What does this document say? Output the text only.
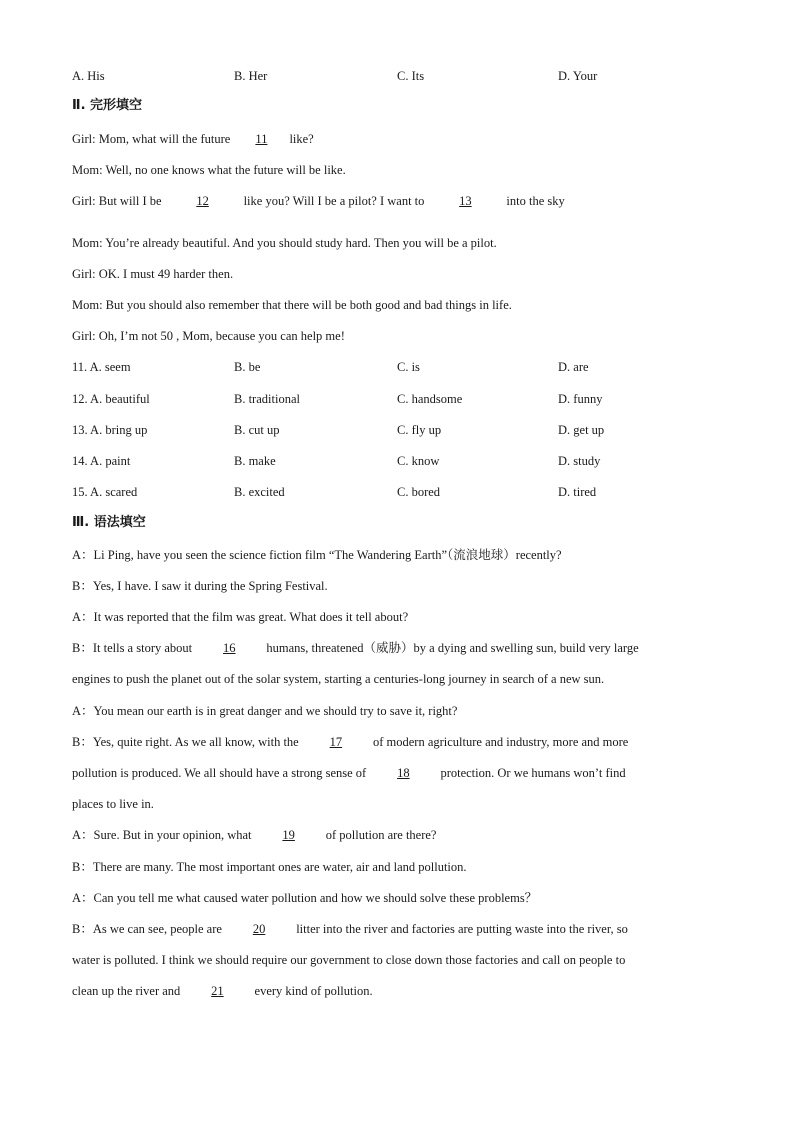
A. His	B. Her	C. Its	D. Your
Ⅱ. 完形填空
Girl: Mom, what will the future 11 like?
Mom: Well, no one knows what the future will be like.
Girl: But will I be	12	like you? Will I be a pilot? I want to	13	into the sky
Mom: You’re already beautiful. And you should study hard. Then you will be a pilot.
Girl: OK. I must 49 harder then.
Mom: But you should also remember that there will be both good and bad things in life.
Girl: Oh, I’m not 50 , Mom, because you can help me!
11. A. seem	B. be	C. is	D. are
12. A. beautiful	B. traditional	C. handsome	D. funny
13. A. bring up	B. cut up	C. fly up	D. get up
14. A. paint	B. make	C. know	D. study
15. A. scared	B. excited	C. bored	D. tired
Ⅲ. 语法填空
A：Li Ping, have you seen the science fiction film “The Wandering Earth”（流浪地球）recently?
B：Yes, I have. I saw it during the Spring Festival.
A：It was reported that the film was great. What does it tell about?
B：It tells a story about 16 humans, threatened（威胁）by a dying and swelling sun, build very large
engines to push the planet out of the solar system, starting a centuries-long journey in search of a new sun.
A：You mean our earth is in great danger and we should try to save it, right?
B：Yes, quite right. As we all know, with the 17 of modern agriculture and industry, more and more
pollution is produced. We all should have a strong sense of 18 protection. Or we humans won’t find
places to live in.
A：Sure. But in your opinion, what 19 of pollution are there?
B：There are many. The most important ones are water, air and land pollution.
A：Can you tell me what caused water pollution and how we should solve these problems？
B：As we can see, people are 20 litter into the river and factories are putting waste into the river, so
water is polluted. I think we should require our government to close down those factories and call on people to
clean up the river and 21 every kind of pollution.
